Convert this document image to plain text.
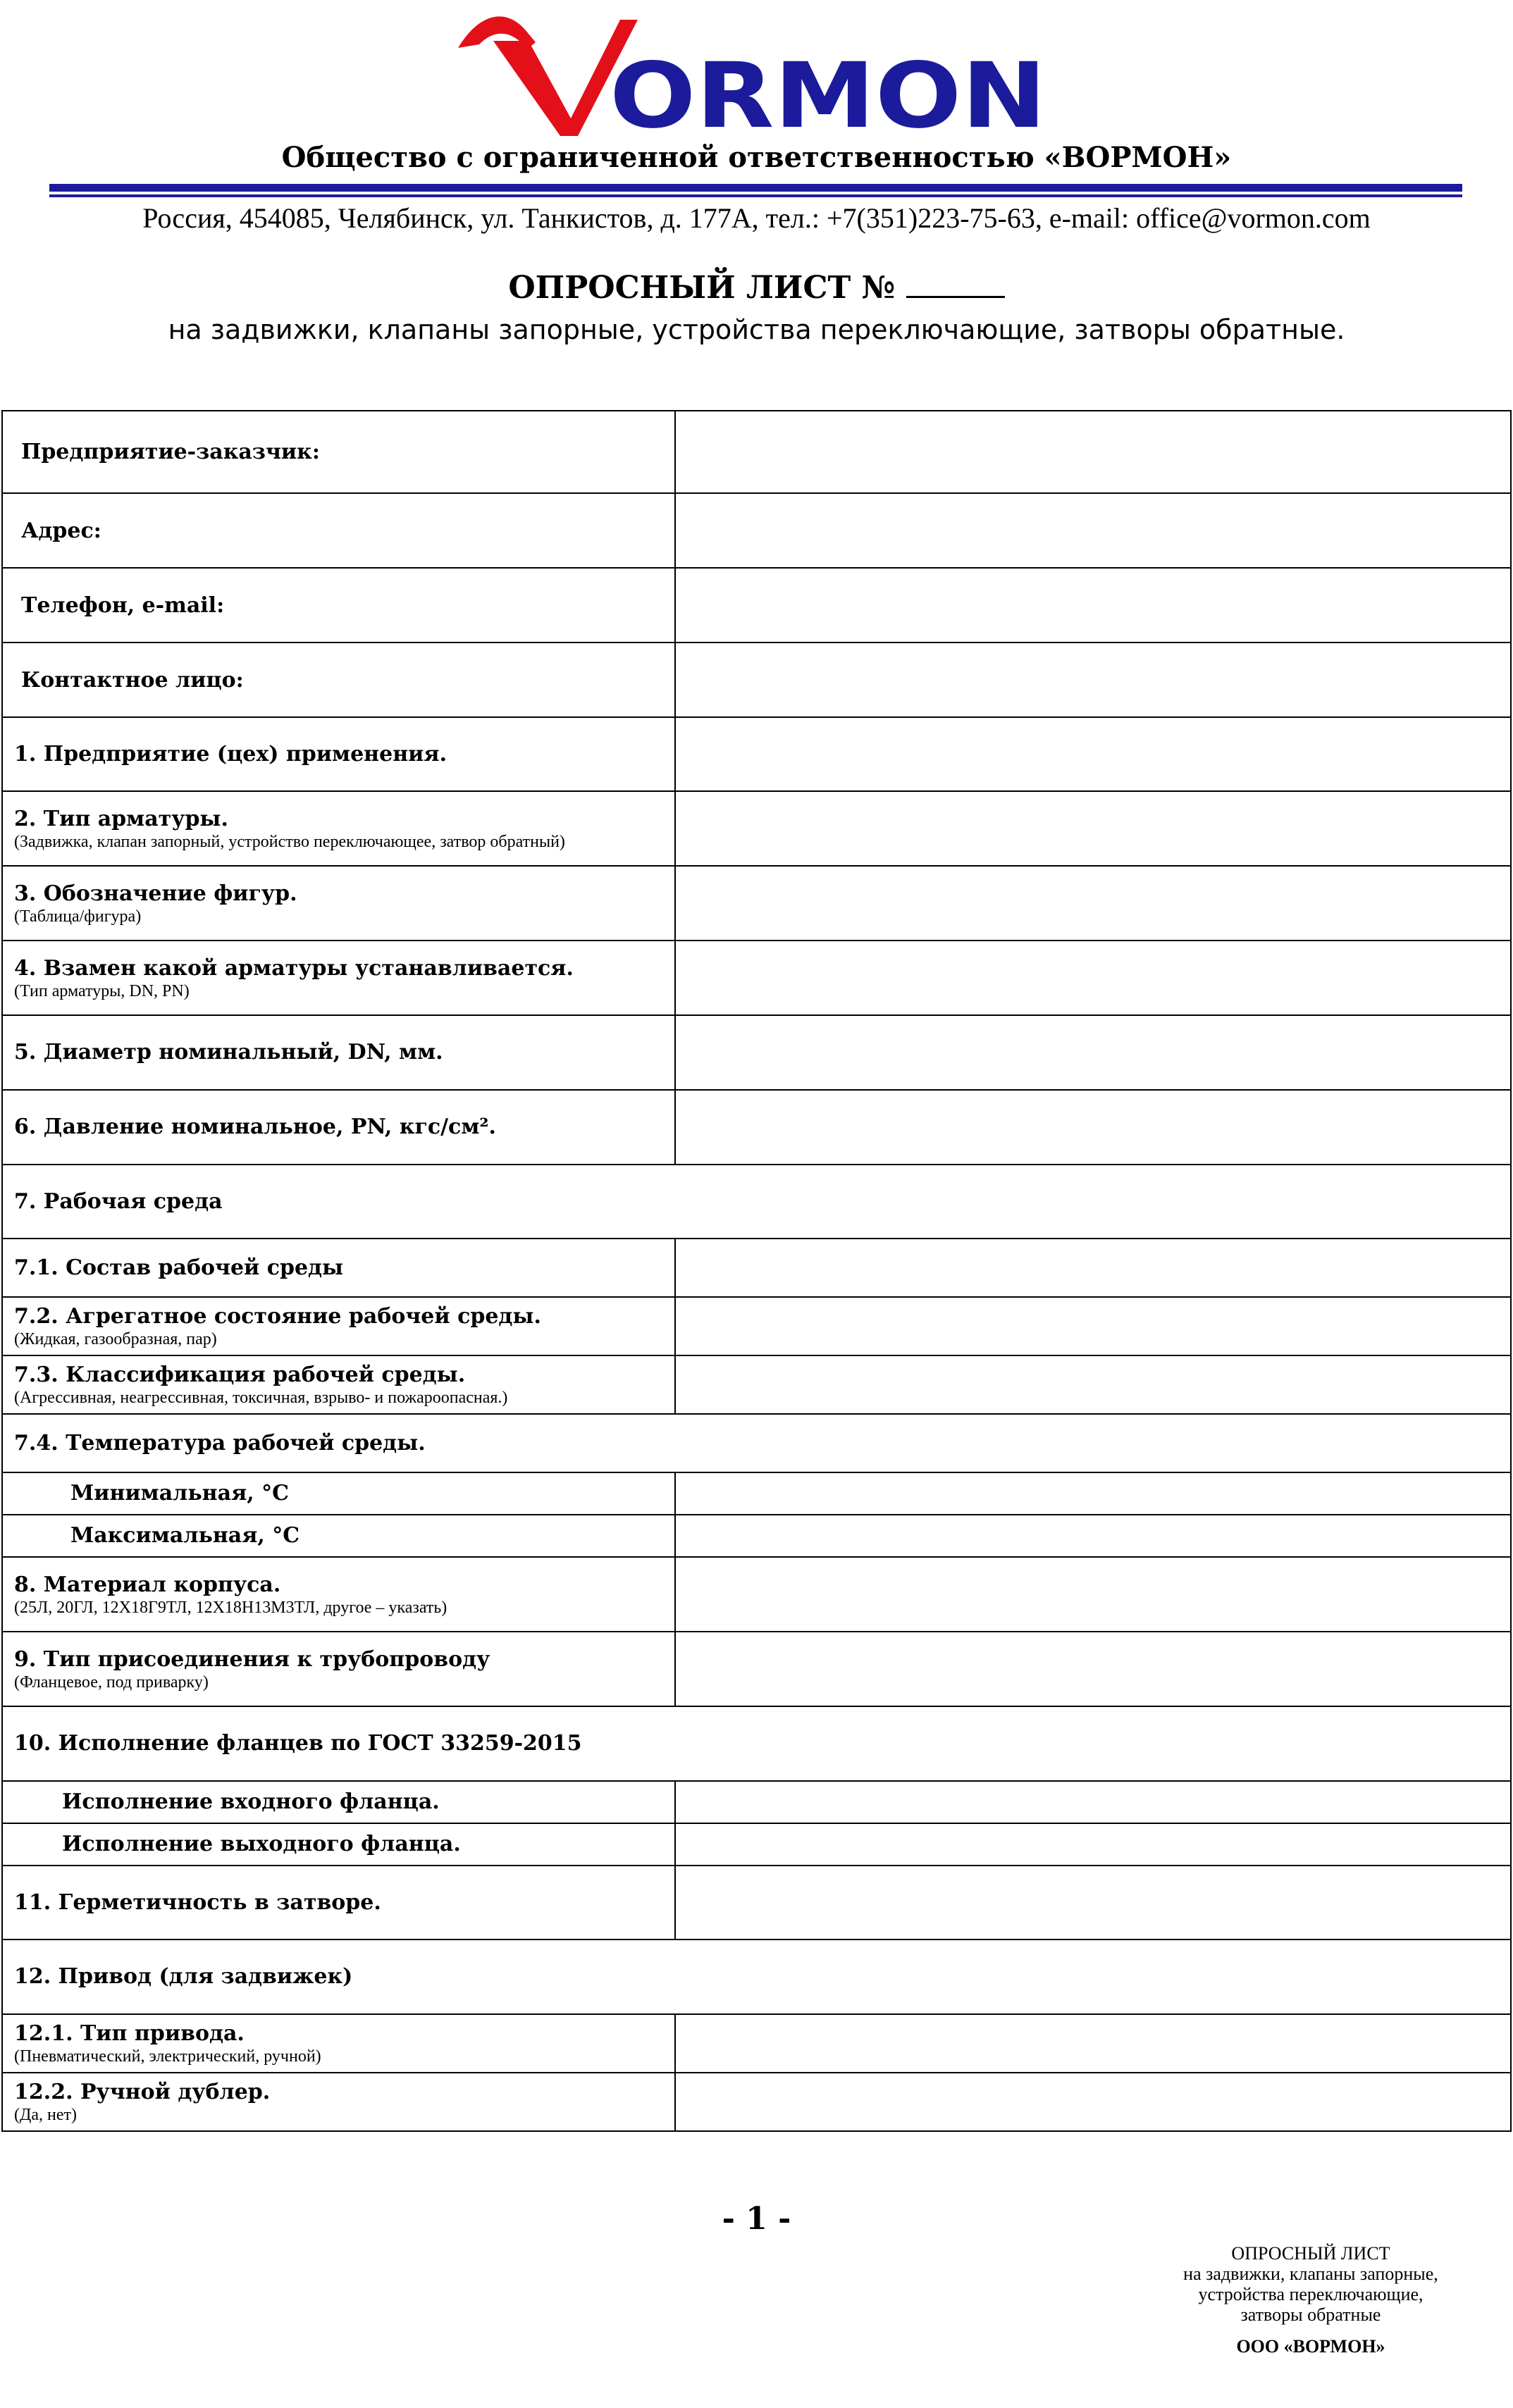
ORMON
Общество с ограниченной ответственностью «ВОРМОН»
Россия, 454085, Челябинск, ул. Танкистов, д. 177А, тел.: +7(351)223-75-63, e-mail: office@vormon.com
ОПРОСНЫЙ ЛИСТ №
на задвижки, клапаны запорные, устройства переключающие, затворы обратные.
Предприятие-заказчик:	

Адрес:	

Телефон, e-mail:	

Контактное лицо:	

1. Предприятие (цех) применения.	

2. Тип арматуры.
(Задвижка, клапан запорный, устройство переключающее, затвор обратный)	

3. Обозначение фигур.
(Таблица/фигура)	

4. Взамен какой арматуры устанавливается.
(Тип арматуры, DN, PN)	

5. Диаметр номинальный, DN, мм.	

6. Давление номинальное, PN, кгс/см².	

7. Рабочая среда	

7.1. Состав рабочей среды	

7.2. Агрегатное состояние рабочей среды.
(Жидкая, газообразная, пар)	

7.3. Классификация рабочей среды.
(Агрессивная, неагрессивная, токсичная, взрыво- и пожароопасная.)	

7.4. Температура рабочей среды.	

Минимальная, °С	

Максимальная, °С	

8. Материал корпуса.
(25Л, 20ГЛ, 12Х18Г9ТЛ, 12Х18Н13М3ТЛ, другое – указать)	

9. Тип присоединения к трубопроводу
(Фланцевое, под приварку)	

10. Исполнение фланцев по ГОСТ 33259-2015	

Исполнение входного фланца.	

Исполнение выходного фланца.	

11. Герметичность в затворе.	

12. Привод (для задвижек)	

12.1. Тип привода.
(Пневматический, электрический, ручной)	

12.2. Ручной дублер.
(Да, нет)	

- 1 -
ОПРОСНЫЙ ЛИСТ
на задвижки, клапаны запорные,
устройства переключающие,
затворы обратные
ООО «ВОРМОН»
